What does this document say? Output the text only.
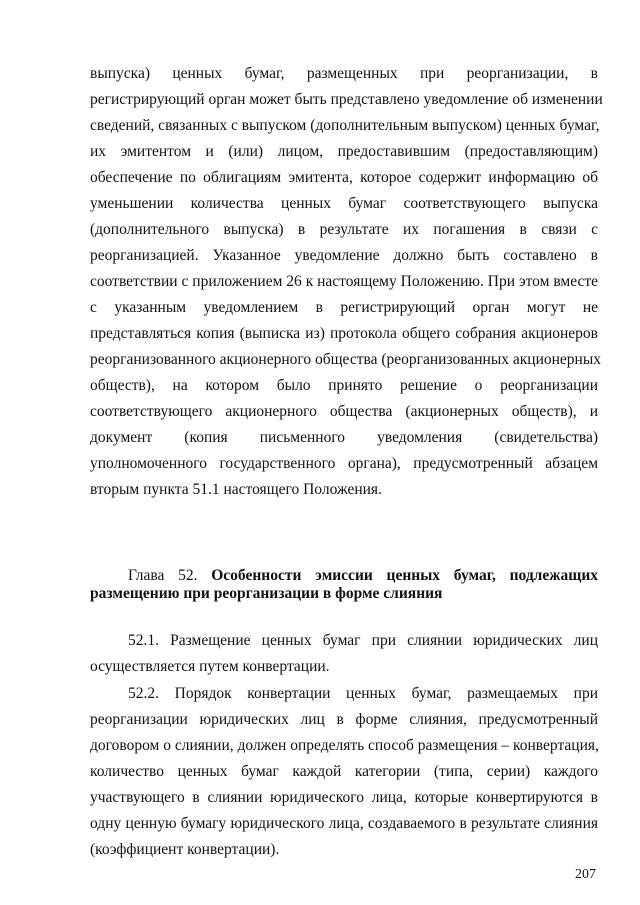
выпуска) ценных бумаг, размещенных при реорганизации, в
регистрирующий орган может быть представлено уведомление об изменении
сведений, связанных с выпуском (дополнительным выпуском) ценных бумаг,
их эмитентом и (или) лицом, предоставившим (предоставляющим)
обеспечение по облигациям эмитента, которое содержит информацию об
уменьшении количества ценных бумаг соответствующего выпуска
(дополнительного выпуска) в результате их погашения в связи с
реорганизацией. Указанное уведомление должно быть составлено в
соответствии с приложением 26 к настоящему Положению. При этом вместе
с указанным уведомлением в регистрирующий орган могут не
представляться копия (выписка из) протокола общего собрания акционеров
реорганизованного акционерного общества (реорганизованных акционерных
обществ), на котором было принято решение о реорганизации
соответствующего акционерного общества (акционерных обществ), и
документ (копия письменного уведомления (свидетельства)
уполномоченного государственного органа), предусмотренный абзацем
вторым пункта 51.1 настоящего Положения.
Глава 52. Особенности эмиссии ценных бумаг, подлежащих
размещению при реорганизации в форме слияния
52.1. Размещение ценных бумаг при слиянии юридических лиц
осуществляется путем конвертации.
52.2. Порядок конвертации ценных бумаг, размещаемых при
реорганизации юридических лиц в форме слияния, предусмотренный
договором о слиянии, должен определять способ размещения – конвертация,
количество ценных бумаг каждой категории (типа, серии) каждого
участвующего в слиянии юридического лица, которые конвертируются в
одну ценную бумагу юридического лица, создаваемого в результате слияния
(коэффициент конвертации).
207
